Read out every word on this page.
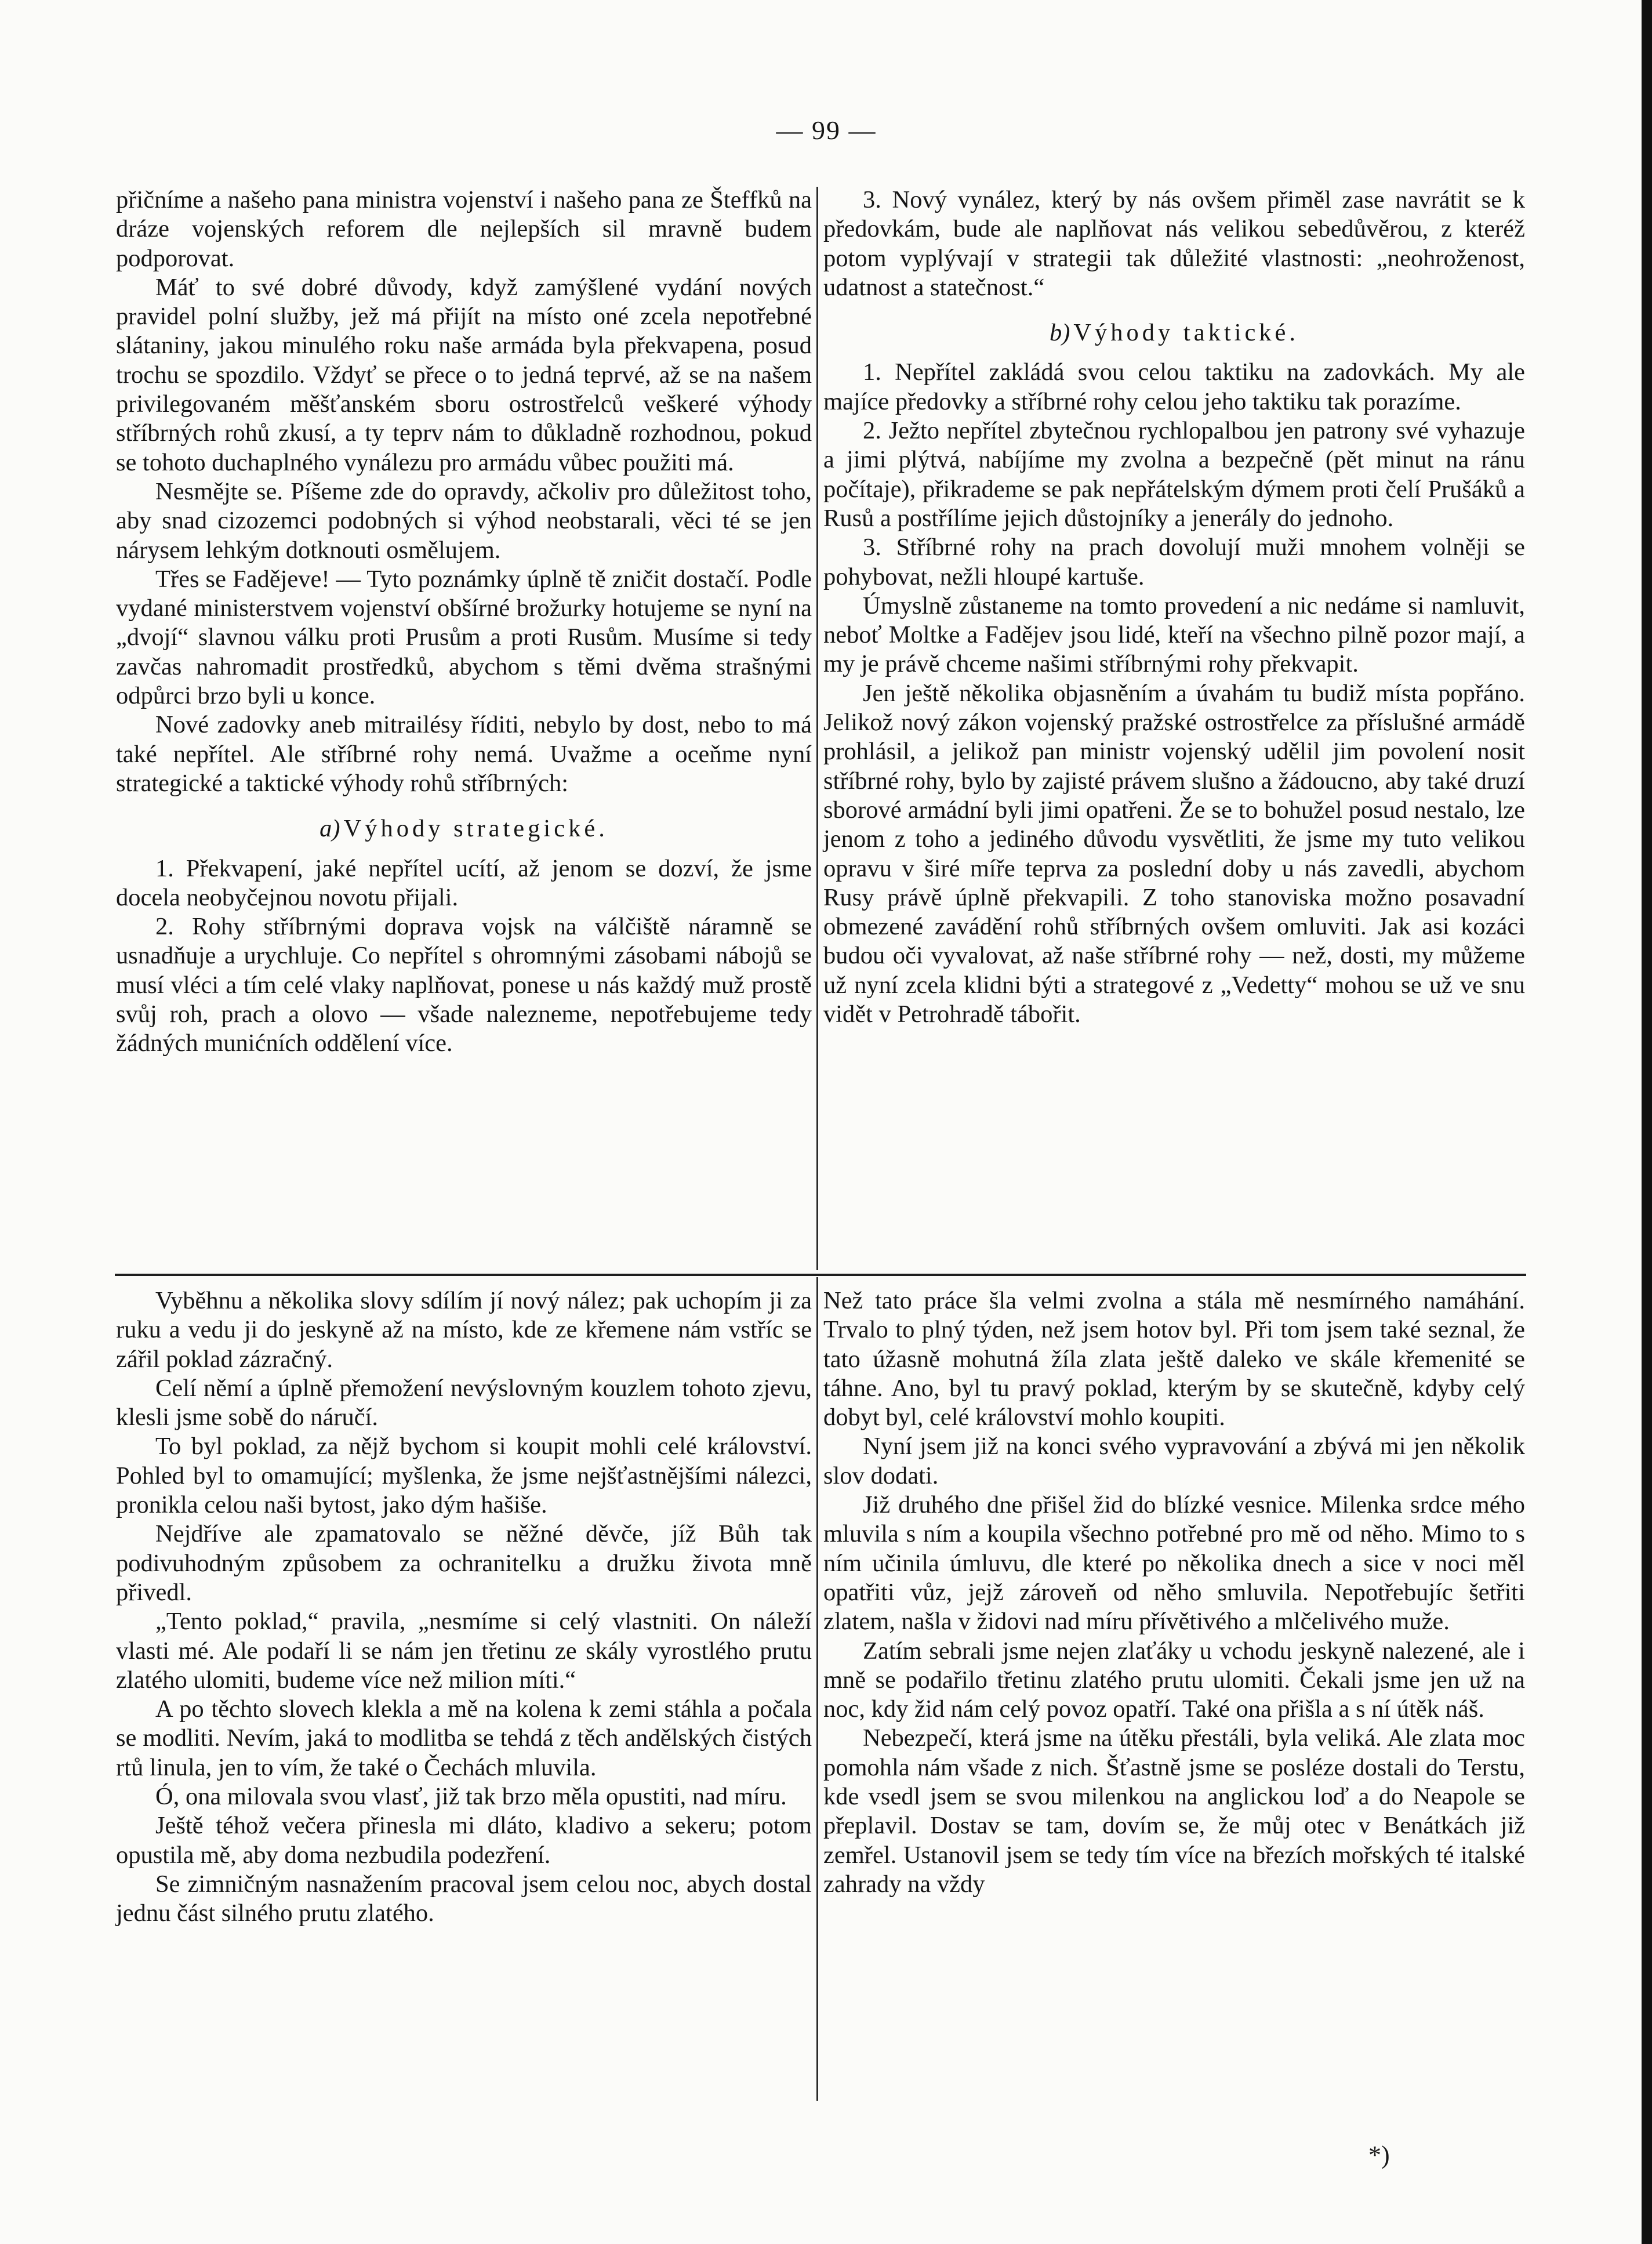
— 99 —

přičníme a našeho pana ministra vojenství i našeho pana ze Šteffků na dráze vojenských reforem dle nejlepších sil mravně budem podporovat.

Máť to své dobré důvody, když zamýšlené vydání nových pravidel polní služby, jež má přijít na místo oné zcela nepotřebné slátaniny, jakou minulého roku naše armáda byla překvapena, posud trochu se spozdilo. Vždyť se přece o to jedná teprvé, až se na našem privilegovaném měšťanském sboru ostrostřelců veškeré výhody stříbrných rohů zkusí, a ty teprv nám to důkladně rozhodnou, pokud se tohoto duchaplného vynálezu pro armádu vůbec použiti má.

Nesmějte se. Píšeme zde do opravdy, ačkoliv pro důležitost toho, aby snad cizozemci podobných si výhod neobstarali, věci té se jen nárysem lehkým dotknouti osmělujem.

Třes se Fadějeve! — Tyto poznámky úplně tě zničit dostačí. Podle vydané ministerstvem vojenství obšírné brožurky hotujeme se nyní na „dvojí“ slavnou válku proti Prusům a proti Rusům. Musíme si tedy zavčas nahromadit prostředků, abychom s těmi dvěma strašnými odpůrci brzo byli u konce.

Nové zadovky aneb mitrailésy říditi, nebylo by dost, nebo to má také nepřítel. Ale stříbrné rohy nemá. Uvažme a oceňme nyní strategické a taktické výhody rohů stříbrných:

a) Výhody strategické.

1. Překvapení, jaké nepřítel ucítí, až jenom se dozví, že jsme docela neobyčejnou novotu přijali.

2. Rohy stříbrnými doprava vojsk na válčiště náramně se usnadňuje a urychluje. Co nepřítel s ohromnými zásobami nábojů se musí vléci a tím celé vlaky naplňovat, ponese u nás každý muž prostě svůj roh, prach a olovo — všade nalezneme, nepotřebujeme tedy žádných munićních oddělení více.

3. Nový vynález, který by nás ovšem přiměl zase navrátit se k předovkám, bude ale naplňovat nás velikou sebedůvěrou, z kteréž potom vyplývají v strategii tak důležité vlastnosti: „neohroženost, udatnost a statečnost.“

b) Výhody taktické.

1. Nepřítel zakládá svou celou taktiku na zadovkách. My ale majíce předovky a stříbrné rohy celou jeho taktiku tak porazíme.

2. Ježto nepřítel zbytečnou rychlopalbou jen patrony své vyhazuje a jimi plýtvá, nabíjíme my zvolna a bezpečně (pět minut na ránu počítaje), přikrademe se pak nepřátelským dýmem proti čelí Prušáků a Rusů a postřílíme jejich důstojníky a jenerály do jednoho.

3. Stříbrné rohy na prach dovolují muži mnohem volněji se pohybovat, nežli hloupé kartuše.

Úmyslně zůstaneme na tomto provedení a nic nedáme si namluvit, neboť Moltke a Fadějev jsou lidé, kteří na všechno pilně pozor mají, a my je právě chceme našimi stříbrnými rohy překvapit.

Jen ještě několika objasněním a úvahám tu budiž místa popřáno. Jelikož nový zákon vojenský pražské ostrostřelce za příslušné armádě prohlásil, a jelikož pan ministr vojenský udělil jim povolení nosit stříbrné rohy, bylo by zajisté právem slušno a žádoucno, aby také druzí sborové armádní byli jimi opatřeni. Že se to bohužel posud nestalo, lze jenom z toho a jediného důvodu vysvětliti, že jsme my tuto velikou opravu v širé míře teprva za poslední doby u nás zavedli, abychom Rusy právě úplně překvapili. Z toho stanoviska možno posavadní obmezené zavádění rohů stříbrných ovšem omluviti. Jak asi kozáci budou oči vyvalovat, až naše stříbrné rohy — než, dosti, my můžeme už nyní zcela klidni býti a strategové z „Vedetty“ mohou se už ve snu vidět v Petrohradě tábořit.

Vyběhnu a několika slovy sdílím jí nový nález; pak uchopím ji za ruku a vedu ji do jeskyně až na místo, kde ze křemene nám vstříc se zářil poklad zázračný.

Celí němí a úplně přemožení nevýslovným kouzlem tohoto zjevu, klesli jsme sobě do náručí.

To byl poklad, za nějž bychom si koupit mohli celé království. Pohled byl to omamující; myšlenka, že jsme nejšťastnějšími nálezci, pronikla celou naši bytost, jako dým hašiše.

Nejdříve ale zpamatovalo se něžné děvče, jíž Bůh tak podivuhodným způsobem za ochranitelku a družku života mně přivedl.

„Tento poklad,“ pravila, „nesmíme si celý vlastniti. On náleží vlasti mé. Ale podaří li se nám jen třetinu ze skály vyrostlého prutu zlatého ulomiti, budeme více než milion míti.“

A po těchto slovech klekla a mě na kolena k zemi stáhla a počala se modliti. Nevím, jaká to modlitba se tehdá z těch andělských čistých rtů linula, jen to vím, že také o Čechách mluvila.

Ó, ona milovala svou vlasť, již tak brzo měla opustiti, nad míru.

Ještě téhož večera přinesla mi dláto, kladivo a sekeru; potom opustila mě, aby doma nezbudila podezření.

Se zimničným nasnažením pracoval jsem celou noc, abych dostal jednu část silného prutu zlatého.

Než tato práce šla velmi zvolna a stála mě nesmírného namáhání. Trvalo to plný týden, než jsem hotov byl. Při tom jsem také seznal, že tato úžasně mohutná žíla zlata ještě daleko ve skále křemenité se táhne. Ano, byl tu pravý poklad, kterým by se skutečně, kdyby celý dobyt byl, celé království mohlo koupiti.

Nyní jsem již na konci svého vypravování a zbývá mi jen několik slov dodati.

Již druhého dne přišel žid do blízké vesnice. Milenka srdce mého mluvila s ním a koupila všechno potřebné pro mě od něho. Mimo to s ním učinila úmluvu, dle které po několika dnech a sice v noci měl opatřiti vůz, jejž zároveň od něho smluvila. Nepotřebujíc šetřiti zlatem, našla v židovi nad míru přívětivého a mlčelivého muže.

Zatím sebrali jsme nejen zlaťáky u vchodu jeskyně nalezené, ale i mně se podařilo třetinu zlatého prutu ulomiti. Čekali jsme jen už na noc, kdy žid nám celý povoz opatří. Také ona přišla a s ní útěk náš.

Nebezpečí, která jsme na útěku přestáli, byla veliká. Ale zlata moc pomohla nám všade z nich. Šťastně jsme se posléze dostali do Terstu, kde vsedl jsem se svou milenkou na anglickou loď a do Neapole se přeplavil. Dostav se tam, dovím se, že můj otec v Benátkách již zemřel. Ustanovil jsem se tedy tím více na březích mořských té italské zahrady na vždy

*)
